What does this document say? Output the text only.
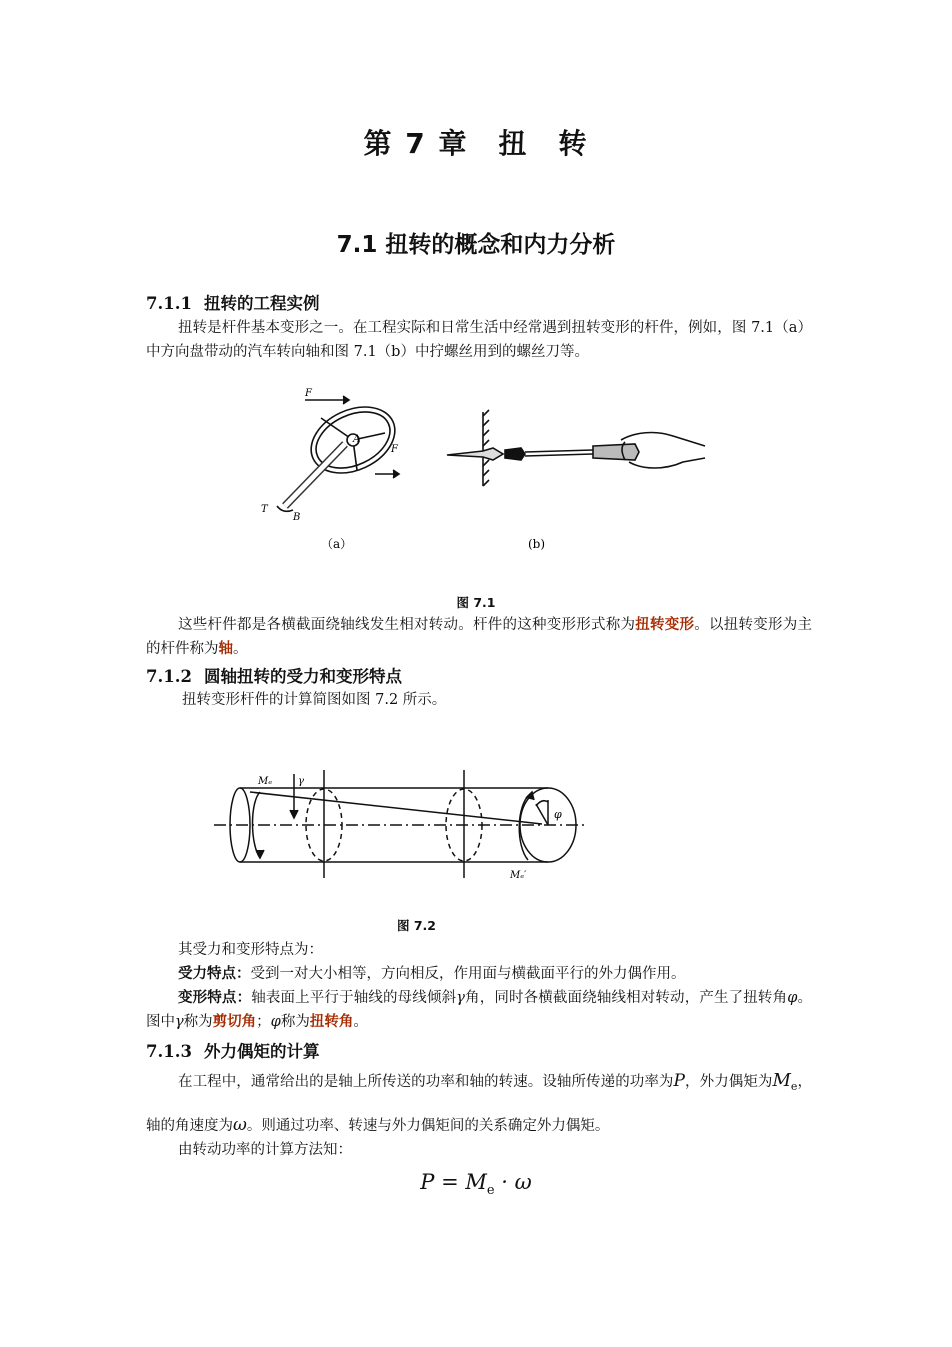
第 7 章　扭　转
7.1 扭转的概念和内力分析
7.1.1 扭转的工程实例
扭转是杆件基本变形之一。在工程实际和日常生活中经常遇到扭转变形的杆件，例如，图 7.1（a）中方向盘带动的汽车转向轴和图 7.1（b）中拧螺丝用到的螺丝刀等。
F
F
A
T
B
（a）	(b)
图 7.1
这些杆件都是各横截面绕轴线发生相对转动。杆件的这种变形形式称为扭转变形。以扭转变形为主的杆件称为轴。
7.1.2 圆轴扭转的受力和变形特点
扭转变形杆件的计算简图如图 7.2 所示。
Mₑ	γ
φ
Mₑ′
图 7.2
其受力和变形特点为：
受力特点：受到一对大小相等，方向相反，作用面与横截面平行的外力偶作用。
变形特点：轴表面上平行于轴线的母线倾斜γ角，同时各横截面绕轴线相对转动，产生了扭转角φ。图中γ称为剪切角；φ称为扭转角。
7.1.3 外力偶矩的计算
在工程中，通常给出的是轴上所传送的功率和轴的转速。设轴所传递的功率为P，外力偶矩为$M_e$，轴的角速度为ω。则通过功率、转速与外力偶矩间的关系确定外力偶矩。
由转动功率的计算方法知：
$P = M_e \cdot \omega$
